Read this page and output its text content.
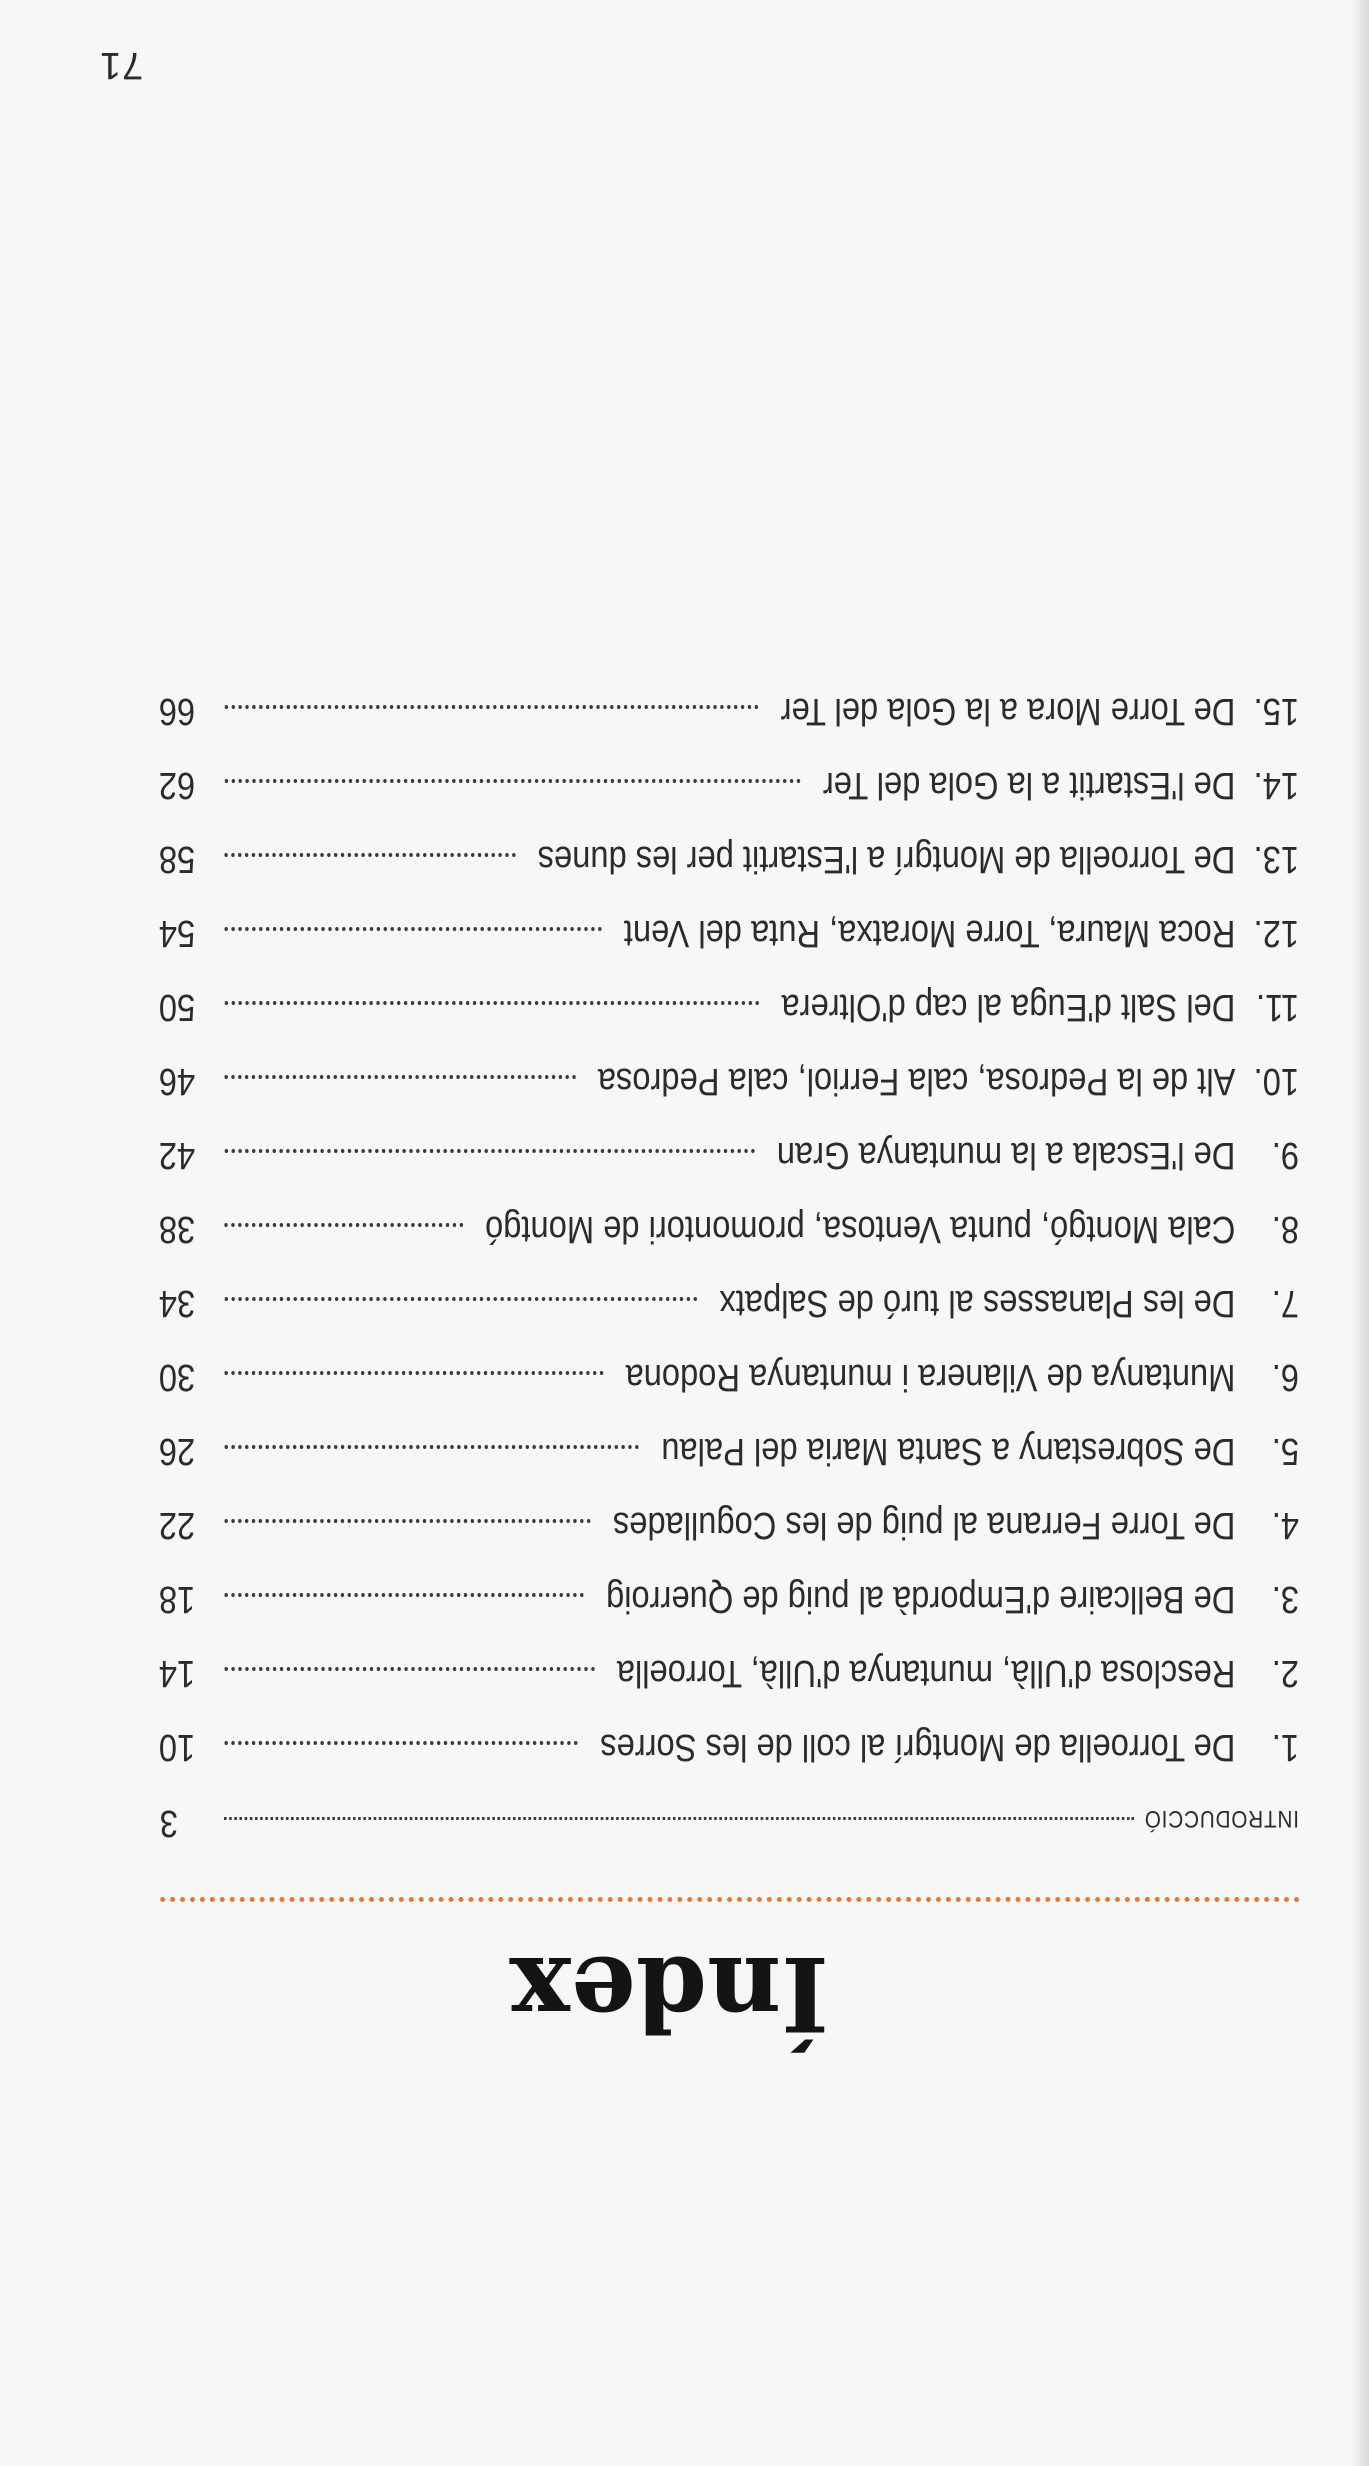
71
Índex
INTRODUCCIÓ
3
1.
De Torroella de Montgrí al coll de les Sorres
10
2.
Resclosa d'Ullà, muntanya d'Ullà, Torroella
14
3.
De Bellcaire d'Empordà al puig de Querroig
18
4.
De Torre Ferrana al puig de les Cogullades
22
5.
De Sobrestany a Santa Maria del Palau
26
6.
Muntanya de Vilanera i muntanya Rodona
30
7.
De les Planasses al turó de Salpatx
34
8.
Cala Montgó, punta Ventosa, promontori de Montgó
38
9.
De l'Escala a la muntanya Gran
42
10.
Alt de la Pedrosa, cala Ferriol, cala Pedrosa
46
11.
Del Salt d'Euga al cap d'Oltrera
50
12.
Roca Maura, Torre Moratxa, Ruta del Vent
54
13.
De Torroella de Montgrí a l'Estartit per les dunes
58
14.
De l'Estartit a la Gola del Ter
62
15.
De Torre Mora a la Gola del Ter
66
